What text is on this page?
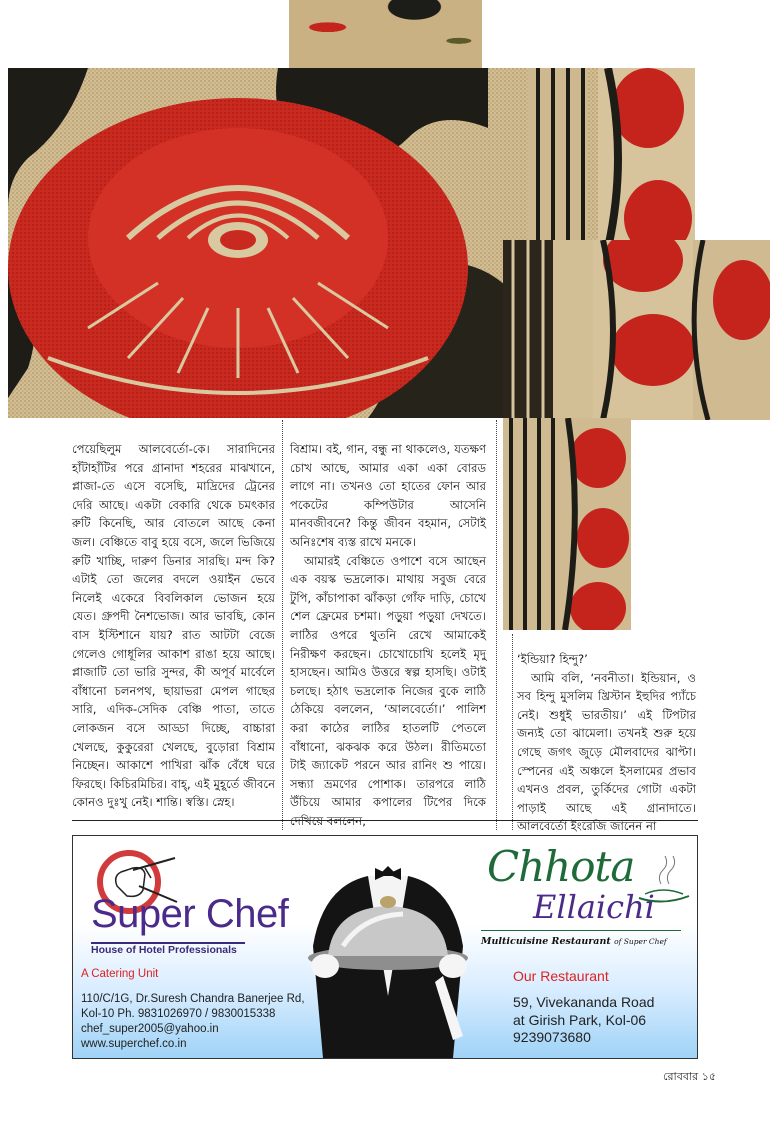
পেয়েছিলুম আলবের্তো-কে। সারাদিনের হাঁটাহাঁটির পরে গ্রানাদা শহরের মাঝখানে, প্লাজা-তে এসে বসেছি, মাদ্রিদের ট্রেনের দেরি আছে। একটা বেকারি থেকে চমৎকার রুটি কিনেছি, আর বোতলে আছে কেনা জল। বেঞ্চিতে বাবু হয়ে বসে, জলে ভিজিয়ে রুটি খাচ্ছি, দারুণ ডিনার সারছি। মন্দ কি? এটাই তো জলের বদলে ওয়াইন ভেবে নিলেই একেরে বিবলিকাল ভোজন হয়ে যেত। গ্রুপদী নৈশভোজ। আর ভাবছি, কোন বাস ইস্টিশানে যায়? রাত আটটা বেজে গেলেও গোধূলির আকাশ রাঙা হয়ে আছে। প্লাজাটি তো ভারি সুন্দর, কী অপূর্ব মার্বেলে বাঁধানো চলনপথ, ছায়াভরা মেপল গাছের সারি, এদিক-সেদিক বেঞ্চি পাতা, তাতে লোকজন বসে আড্ডা দিচ্ছে, বাচ্চারা খেলছে, কুকুরেরা খেলছে, বুড়োরা বিশ্রাম নিচ্ছেন। আকাশে পাখিরা ঝাঁক বেঁধে ঘরে ফিরছে। কিচিরমিচির। বাহ্, এই মুহূর্তে জীবনে কোনও দুঃখু নেই। শান্তি। স্বস্তি। স্নেহ।

বিশ্রাম। বই, গান, বন্ধু না থাকলেও, যতক্ষণ চোখ আছে, আমার একা একা বোরড লাগে না। তখনও তো হাতের ফোন আর পকেটের কম্পিউটার আসেনি মানবজীবনে? কিন্তু জীবন বহমান, সেটাই অনিঃশেষ ব্যস্ত রাখে মনকে।

আমারই বেঞ্চিতে ওপাশে বসে আছেন এক বয়স্ক ভদ্রলোক। মাথায় সবুজ বেরে টুপি, কাঁচাপাকা ঝাঁকড়া গোঁফ দাড়ি, চোখে শেল ফ্রেমের চশমা। পড়ুয়া পড়ুয়া দেখতে। লাঠির ওপরে থুতনি রেখে আমাকেই নিরীক্ষণ করছেন। চোখোচোখি হলেই মৃদু হাসছেন। আমিও উত্তরে স্বল্প হাসছি। ওটাই চলছে। হঠাৎ ভদ্রলোক নিজের বুকে লাঠি ঠেকিয়ে বললেন, ‘আলবের্তো।’ পালিশ করা কাঠের লাঠির হাতলটি পেতলে বাঁধানো, ঝকঝক করে উঠল। রীতিমতো টাই জ্যাকেট পরনে আর রানিং শু পায়ে। সন্ধ্যা ভ্রমণের পোশাক। তারপরে লাঠি উঁচিয়ে আমার কপালের টিপের দিকে দেখিয়ে বললেন,

‘ইন্ডিয়া? হিন্দু?’

আমি বলি, ‘নবনীতা। ইন্ডিয়ান, ও সব হিন্দু মুসলিম খ্রিস্টান ইহুদির প্যাঁচে নেই। শুধুই ভারতীয়।’ এই টিপটার জন্যই তো ঝামেলা। তখনই শুরু হয়ে গেছে জগৎ জুড়ে মৌলবাদের ঝাপ্টা। স্পেনের এই অঞ্চলে ইসলামের প্রভাব এখনও প্রবল, তুর্কিদের গোটা একটা পাড়াই আছে এই গ্রানাদাতে। আলবের্তো ইংরেজি জানেন না

Super Chef
House of Hotel Professionals
A Catering Unit
110/C/1G, Dr.Suresh Chandra Banerjee Rd,
Kol-10 Ph. 9831026970 / 9830015338
chef_super2005@yahoo.in
www.superchef.co.in
Chhota
Ellaichi
Multicuisine Restaurant of Super Chef
Our Restaurant
59, Vivekananda Road
at Girish Park, Kol-06
9239073680
রোববার ১৫
